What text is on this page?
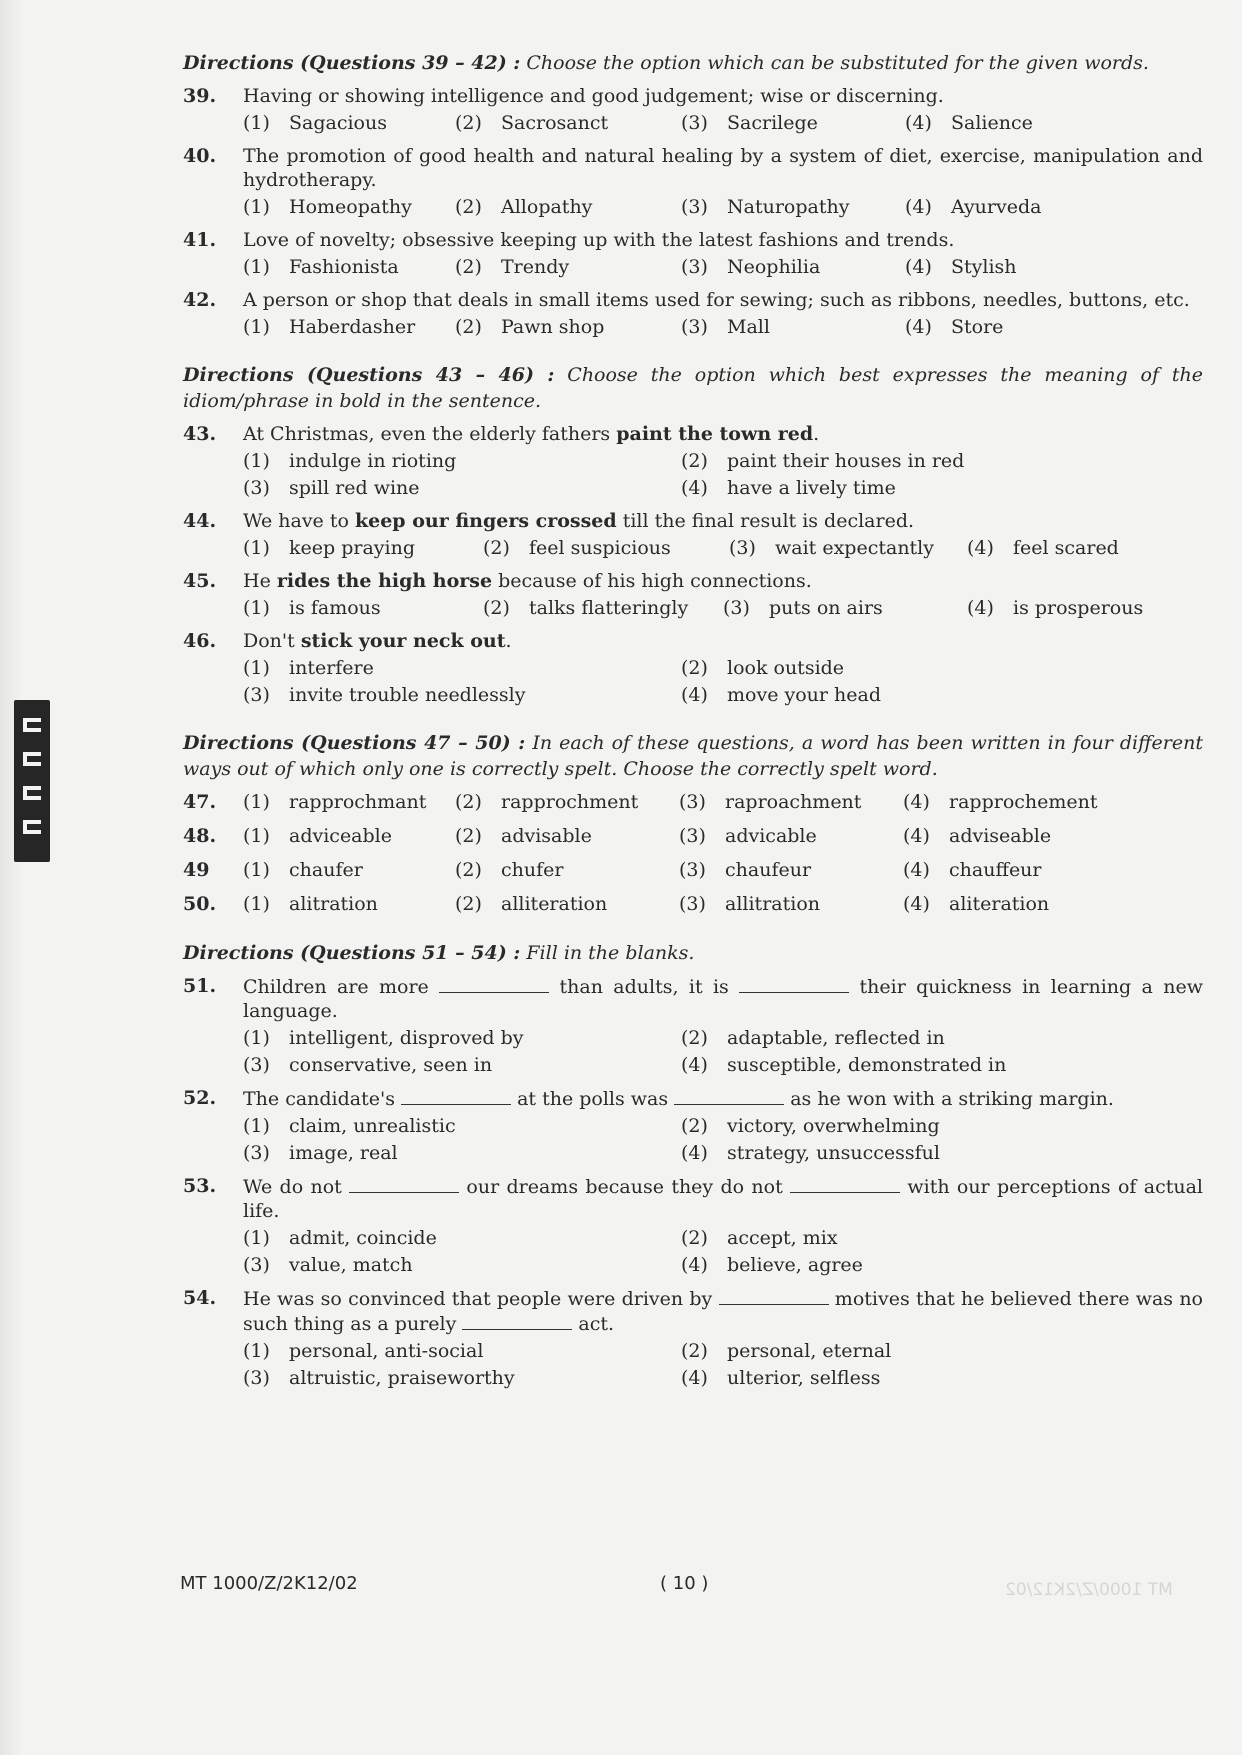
Directions (Questions 39 – 42) : Choose the option which can be substituted for the given words.

39. Having or showing intelligence and good judgement; wise or discerning.
(1) Sagacious	(2) Sacrosanct	(3) Sacrilege	(4) Salience
40. The promotion of good health and natural healing by a system of diet, exercise, manipulation and hydrotherapy.
(1) Homeopathy	(2) Allopathy	(3) Naturopathy	(4) Ayurveda
41. Love of novelty; obsessive keeping up with the latest fashions and trends.
(1) Fashionista	(2) Trendy	(3) Neophilia	(4) Stylish
42. A person or shop that deals in small items used for sewing; such as ribbons, needles, buttons, etc.
(1) Haberdasher	(2) Pawn shop	(3) Mall	(4) Store

Directions (Questions 43 – 46) : Choose the option which best expresses the meaning of the idiom/phrase in bold in the sentence.

43. At Christmas, even the elderly fathers paint the town red.
(1) indulge in rioting	(2) paint their houses in red
(3) spill red wine	(4) have a lively time
44. We have to keep our fingers crossed till the final result is declared.
(1) keep praying	(2) feel suspicious	(3) wait expectantly	(4) feel scared
45. He rides the high horse because of his high connections.
(1) is famous	(2) talks flatteringly	(3) puts on airs	(4) is prosperous
46. Don't stick your neck out.
(1) interfere	(2) look outside
(3) invite trouble needlessly	(4) move your head

Directions (Questions 47 – 50) : In each of these questions, a word has been written in four different ways out of which only one is correctly spelt. Choose the correctly spelt word.

47. (1) rapprochmant	(2) rapprochment	(3) raproachment	(4) rapprochement
48. (1) adviceable	(2) advisable	(3) advicable	(4) adviseable
49 (1) chaufer	(2) chufer	(3) chaufeur	(4) chauffeur
50. (1) alitration	(2) alliteration	(3) allitration	(4) aliteration

Directions (Questions 51 – 54) : Fill in the blanks.

51. Children are more	than adults, it is	their quickness in learning a new language.
(1) intelligent, disproved by	(2) adaptable, reflected in
(3) conservative, seen in	(4) susceptible, demonstrated in
52. The candidate's	at the polls was	as he won with a striking margin.
(1) claim, unrealistic	(2) victory, overwhelming
(3) image, real	(4) strategy, unsuccessful
53. We do not	our dreams because they do not	with our perceptions of actual life.
(1) admit, coincide	(2) accept, mix
(3) value, match	(4) believe, agree
54. He was so convinced that people were driven by	motives that he believed there was no such thing as a purely	act.
(1) personal, anti-social	(2) personal, eternal
(3) altruistic, praiseworthy	(4) ulterior, selfless
MT 1000/Z/2K12/02	( 10 )	MT 1000/Z/2K12/02
